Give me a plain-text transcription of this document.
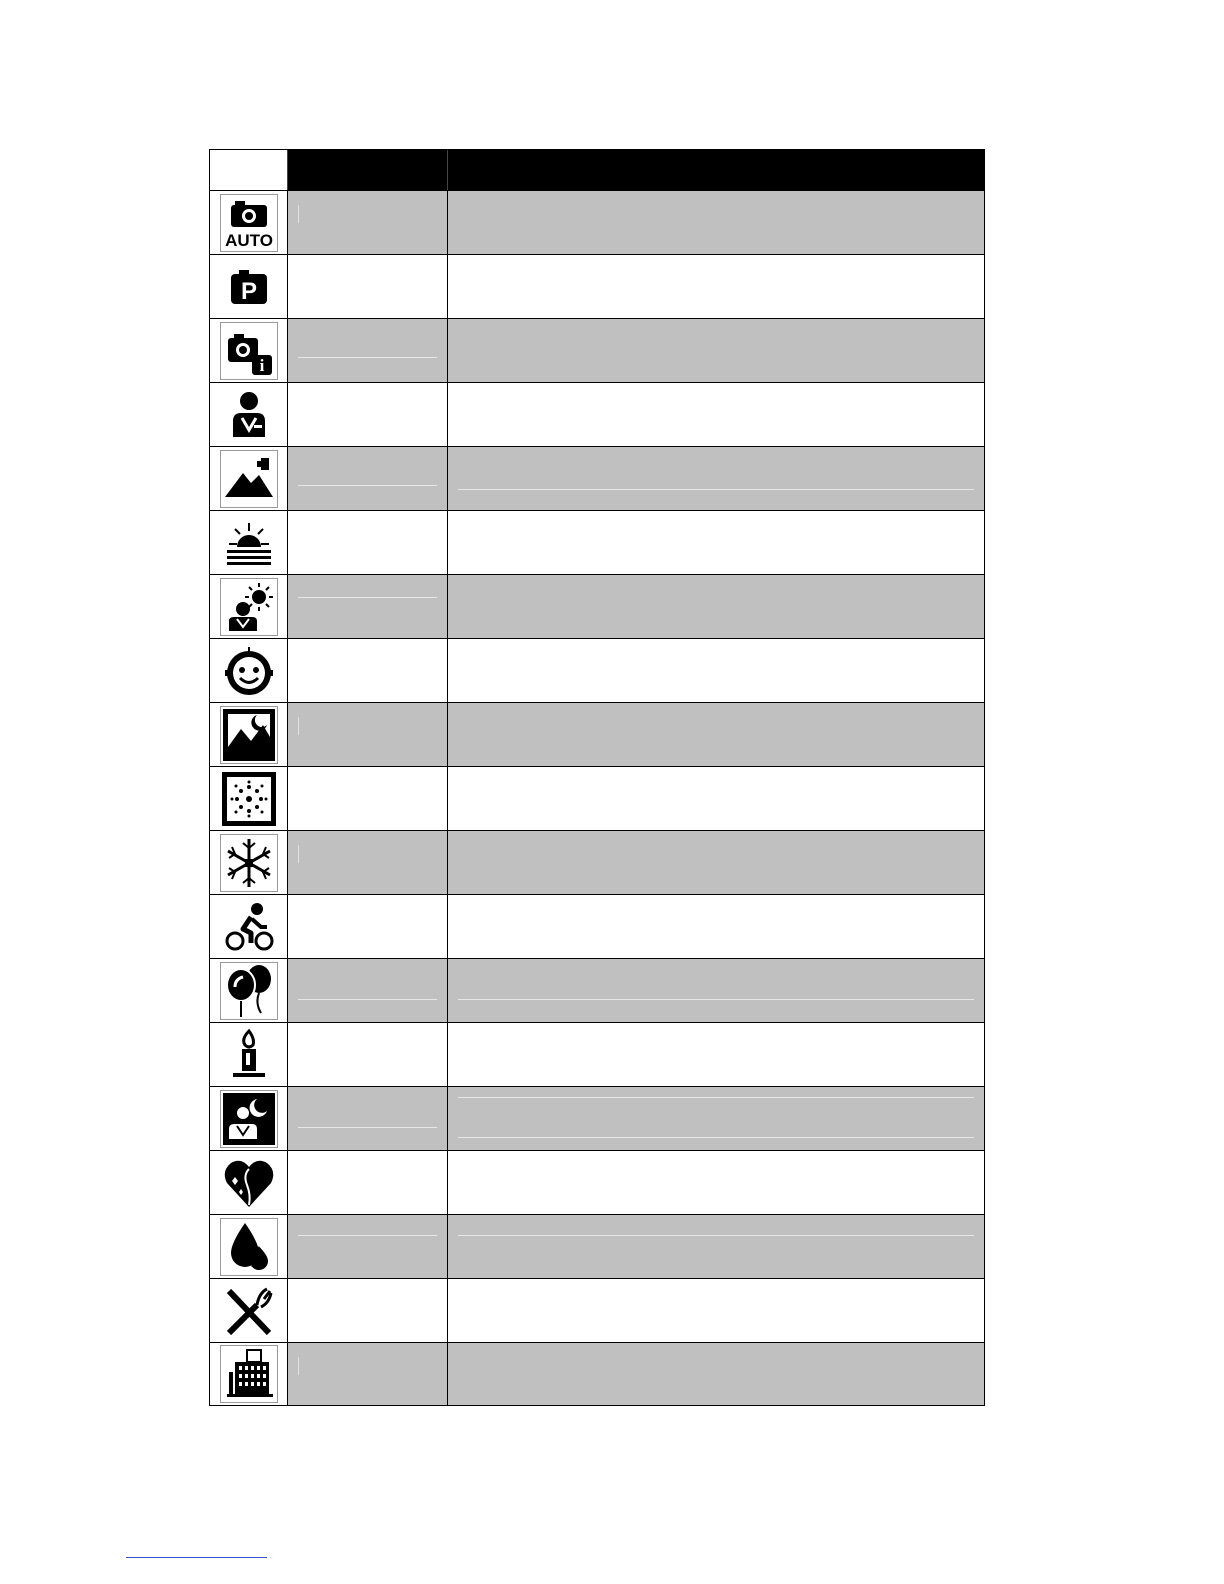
AUTO
P
i
